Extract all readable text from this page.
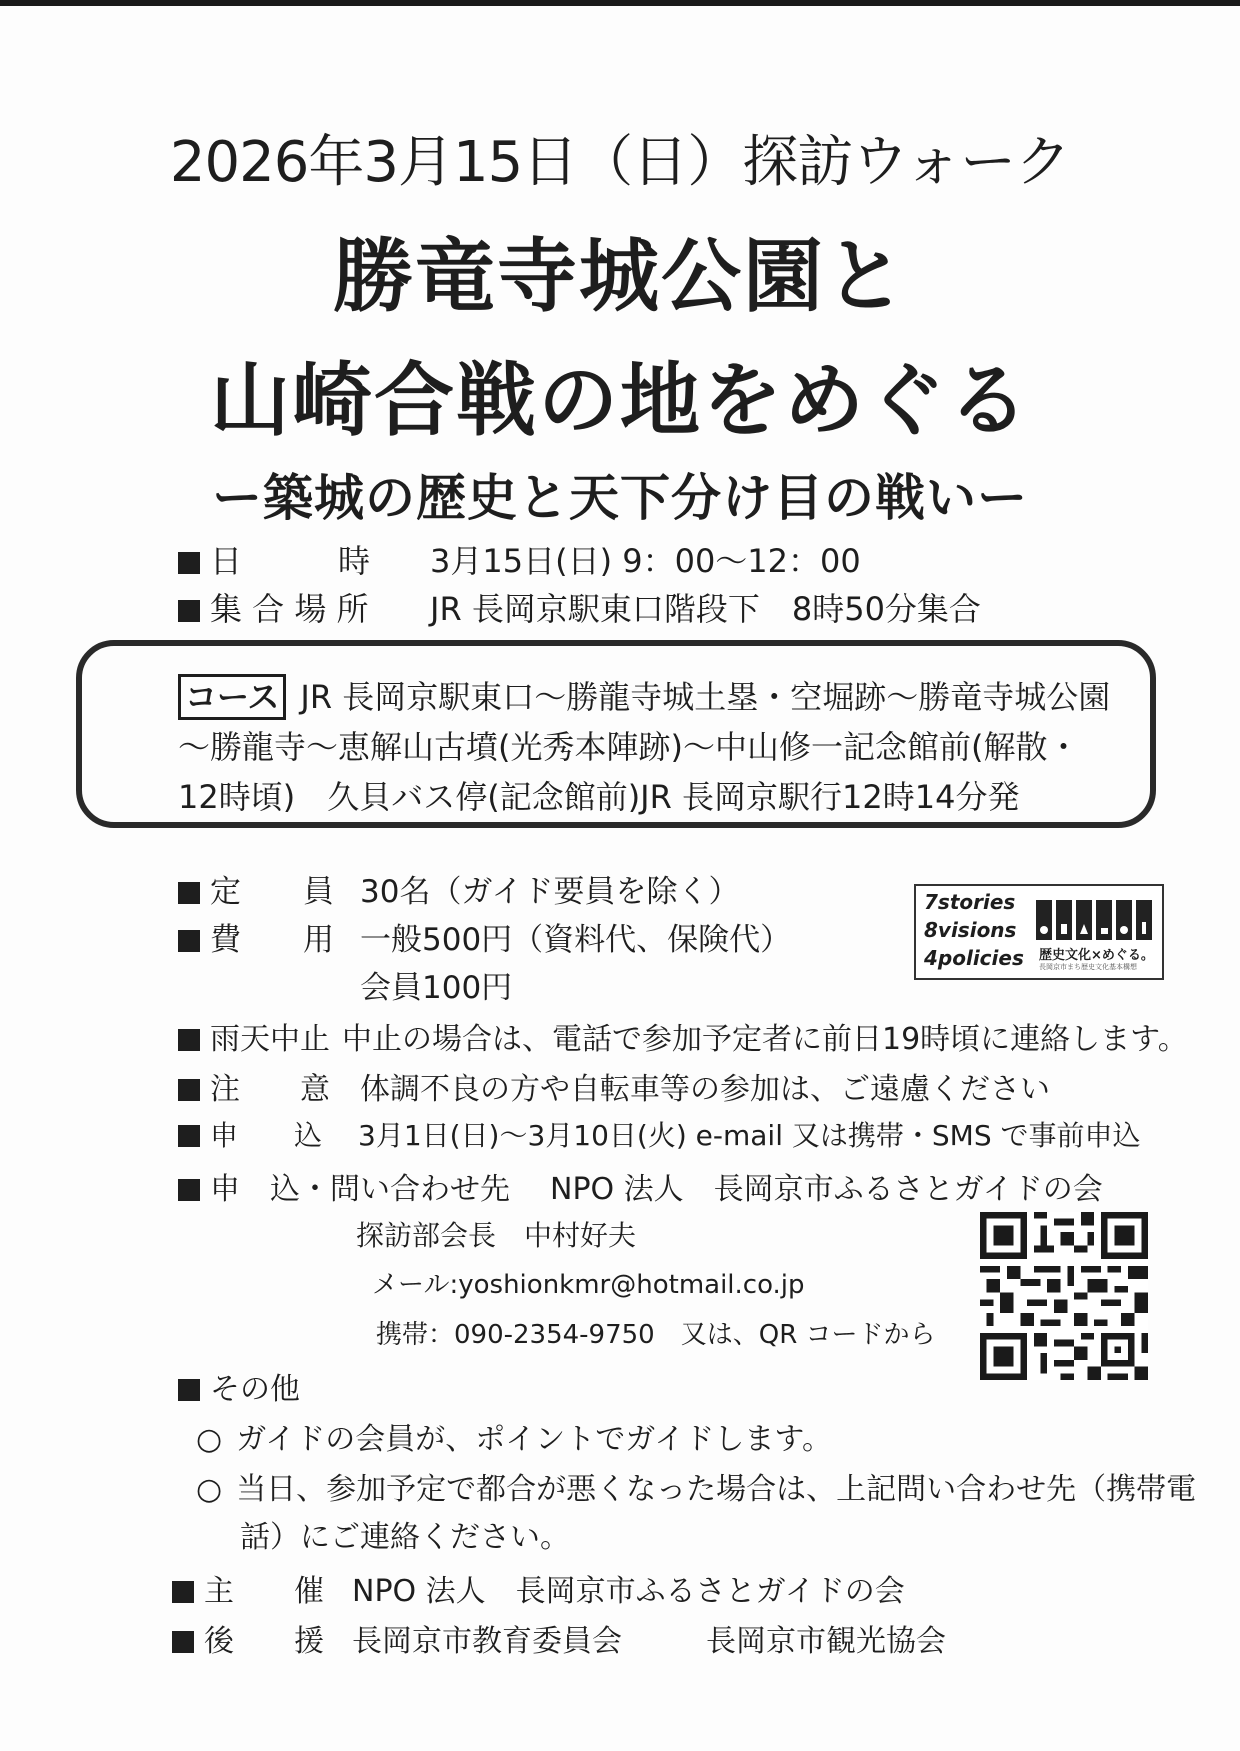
2026年3月15日（日）探訪ウォーク
勝竜寺城公園と
山崎合戦の地をめぐる
ー築城の歴史と天下分け目の戦いー
日　　　時 3月15日(日) 9：00～12：00
集 合 場 所 JR 長岡京駅東口階段下　8時50分集合
コース JR 長岡京駅東口～勝龍寺城土塁・空堀跡～勝竜寺城公園
～勝龍寺～恵解山古墳(光秀本陣跡)～中山修一記念館前(解散・
12時頃)　久貝バス停(記念館前)JR 長岡京駅行12時14分発
定　　員 30名（ガイド要員を除く）
費　　用 一般500円（資料代、保険代）
会員100円
7stories
8visions
4policies 歴史文化×めぐる。
長岡京市まち歴史文化基本構想
雨天中止 中止の場合は、電話で参加予定者に前日19時頃に連絡します。
注　　意 体調不良の方や自転車等の参加は、ご遠慮ください
申　　込 3月1日(日)～3月10日(火) e-mail 又は携帯・SMS で事前申込
申　込・問い合わせ先 NPO 法人　長岡京市ふるさとガイドの会
探訪部会長　中村好夫
メール:yoshionkmr@hotmail.co.jp
携帯：090-2354-9750　又は、QR コードから
その他
○ ガイドの会員が、ポイントでガイドします。
○ 当日、参加予定で都合が悪くなった場合は、上記問い合わせ先（携帯電
話）にご連絡ください。
主　　催 NPO 法人　長岡京市ふるさとガイドの会
後　　援 長岡京市教育委員会	長岡京市観光協会
